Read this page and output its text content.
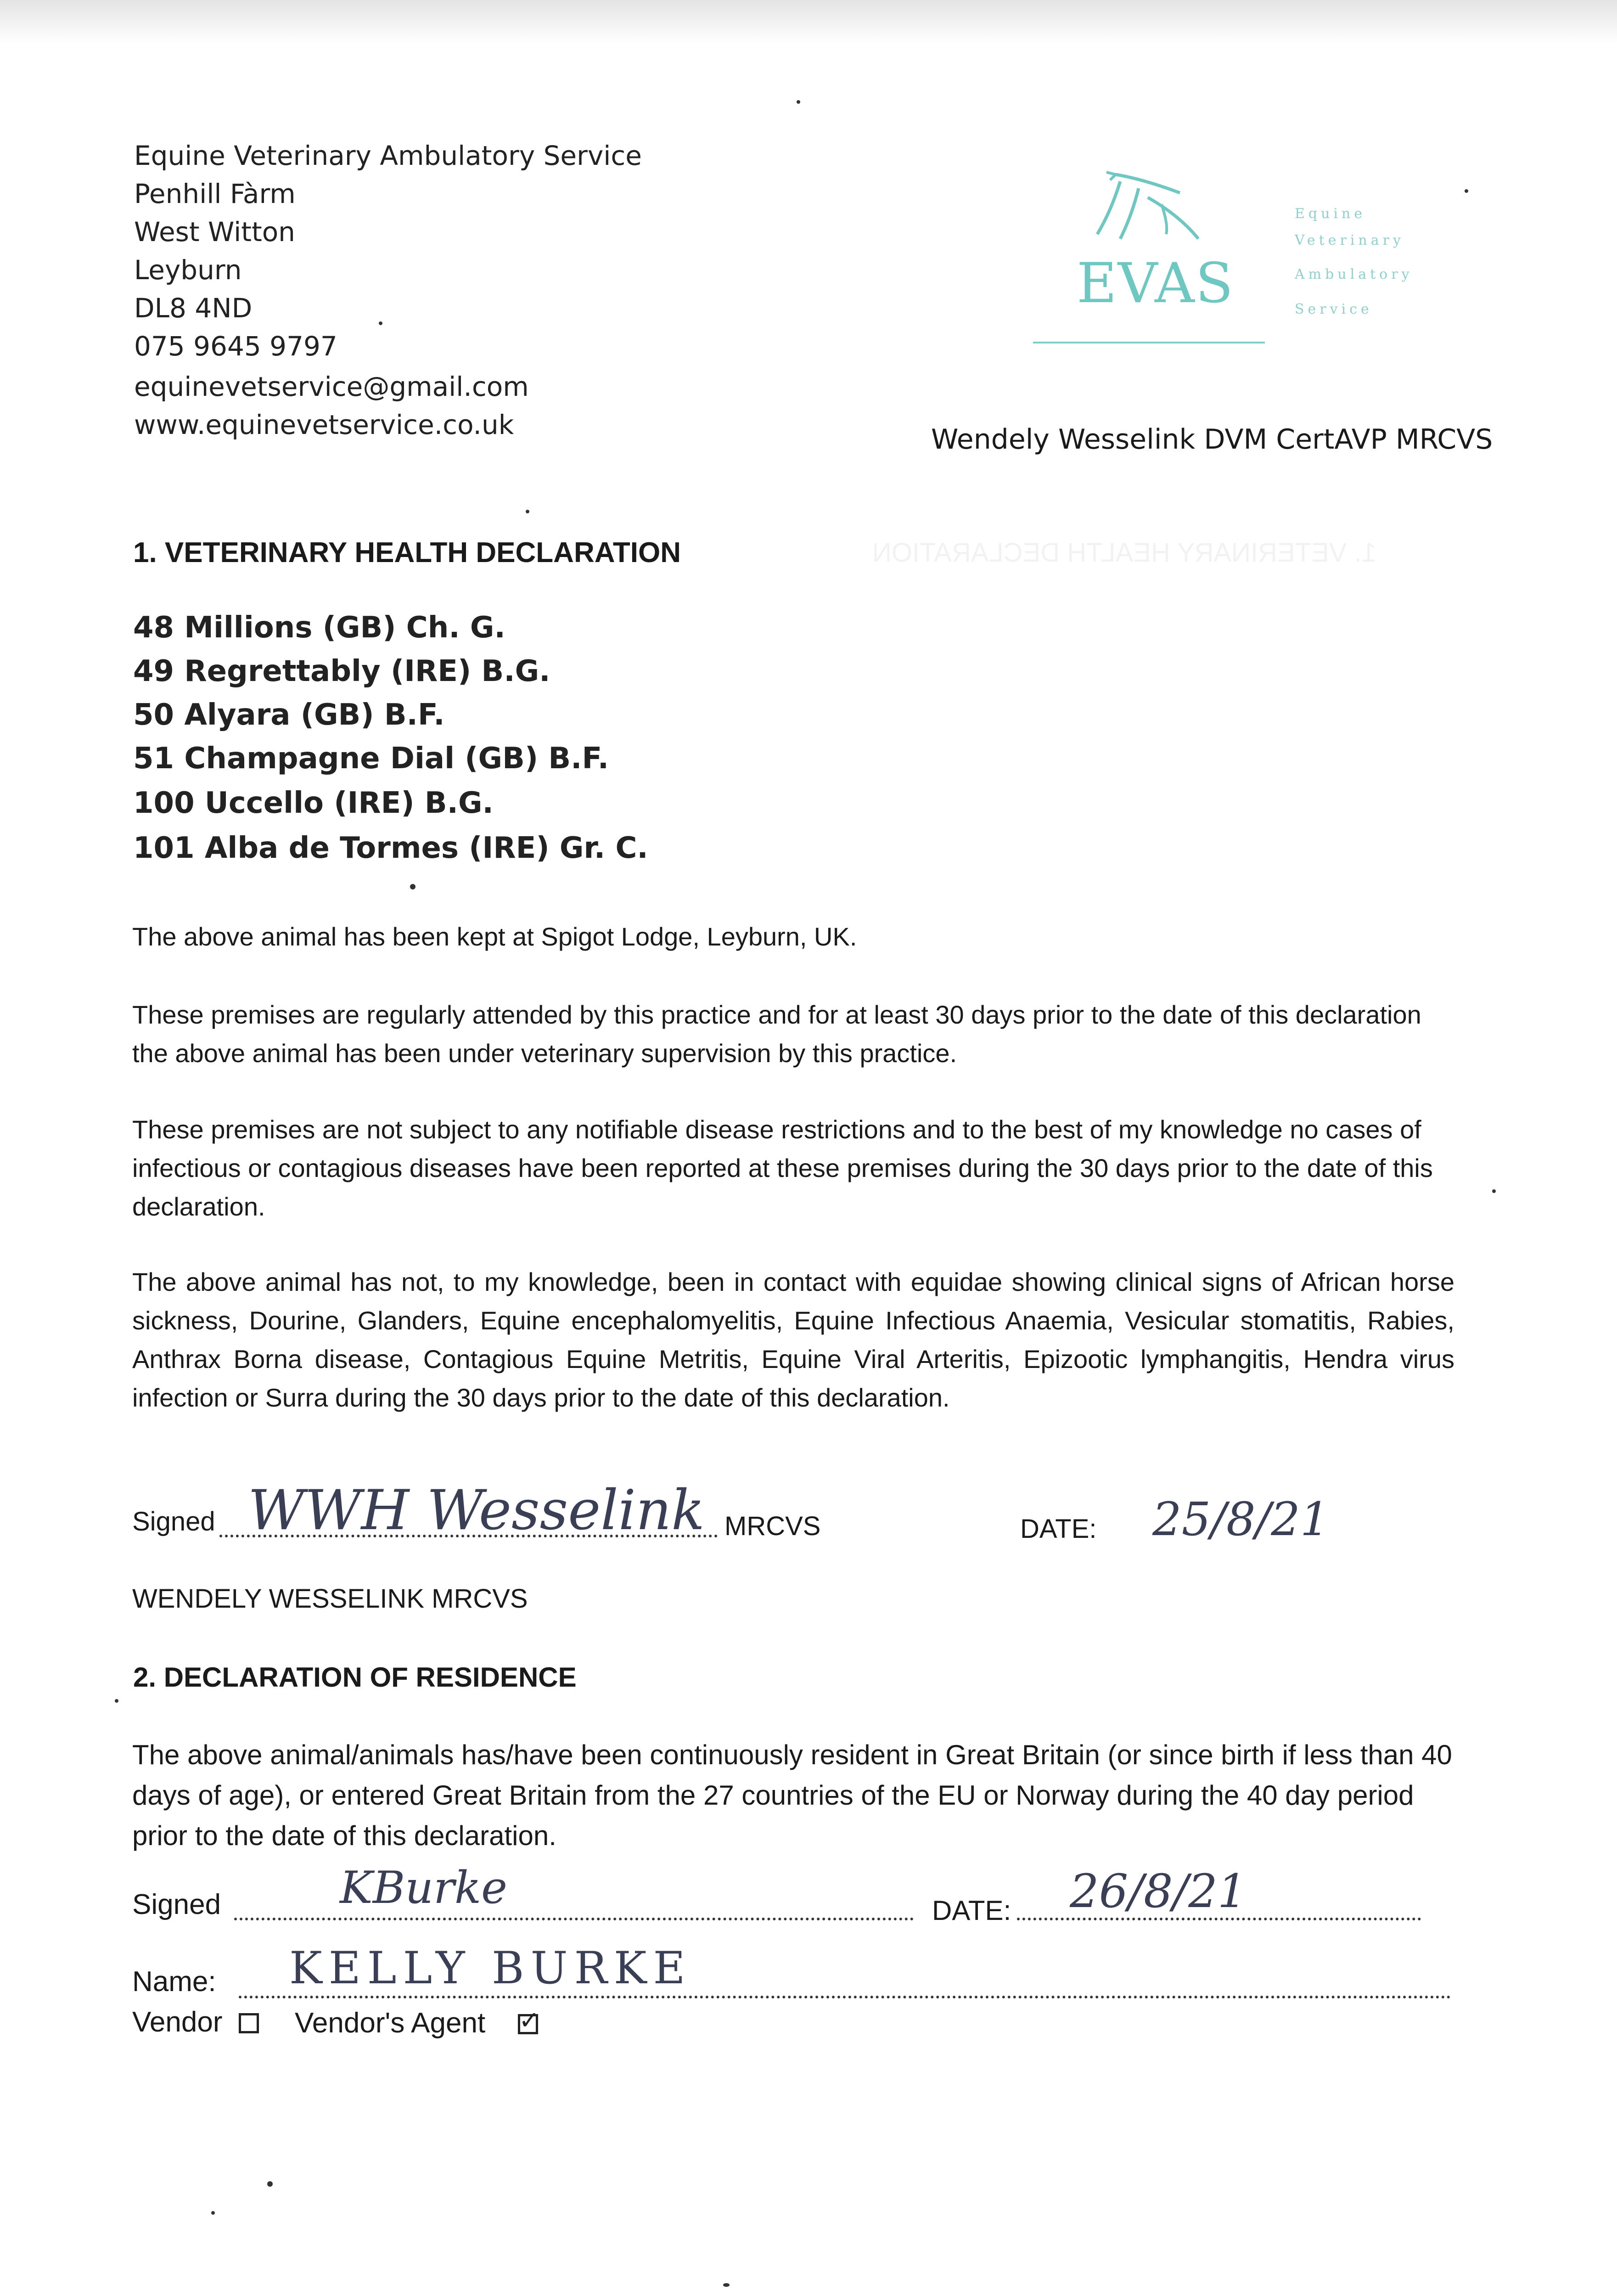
1. VETERINARY HEALTH DECLARATION
Equine Veterinary Ambulatory Service
Penhill Fàrm
West Witton
Leyburn
DL8 4ND
075 9645 9797
equinevetservice@gmail.com
www.equinevetservice.co.uk
EVAS
Equine
Veterinary
Ambulatory
Service
Wendely Wesselink DVM CertAVP MRCVS
1. VETERINARY HEALTH DECLARATION
48 Millions (GB) Ch. G.
49 Regrettably (IRE) B.G.
50 Alyara (GB) B.F.
51 Champagne Dial (GB) B.F.
100 Uccello (IRE) B.G.
101 Alba de Tormes (IRE) Gr. C.
The above animal has been kept at Spigot Lodge, Leyburn, UK.
These premises are regularly attended by this practice and for at least 30 days prior to the date of this declaration the above animal has been under veterinary supervision by this practice.
These premises are not subject to any notifiable disease restrictions and to the best of my knowledge no cases of infectious or contagious diseases have been reported at these premises during the 30 days prior to the date of this declaration.
The above animal has not, to my knowledge, been in contact with equidae showing clinical signs of African horse sickness, Dourine, Glanders, Equine encephalomyelitis, Equine Infectious Anaemia, Vesicular stomatitis, Rabies, Anthrax Borna disease, Contagious Equine Metritis, Equine Viral Arteritis, Epizootic lymphangitis, Hendra virus infection or Surra during the 30 days prior to the date of this declaration.
Signed WWH Wesselink MRCVS	DATE: 25/8/21
WENDELY WESSELINK MRCVS
2. DECLARATION OF RESIDENCE
The above animal/animals has/have been continuously resident in Great Britain (or since birth if less than 40 days of age), or entered Great Britain from the 27 countries of the EU or Norway during the 40 day period prior to the date of this declaration.
Signed	KBurke	DATE: 26/8/21
Name: KELLY BURKE
Vendor	Vendor's Agent ✓
